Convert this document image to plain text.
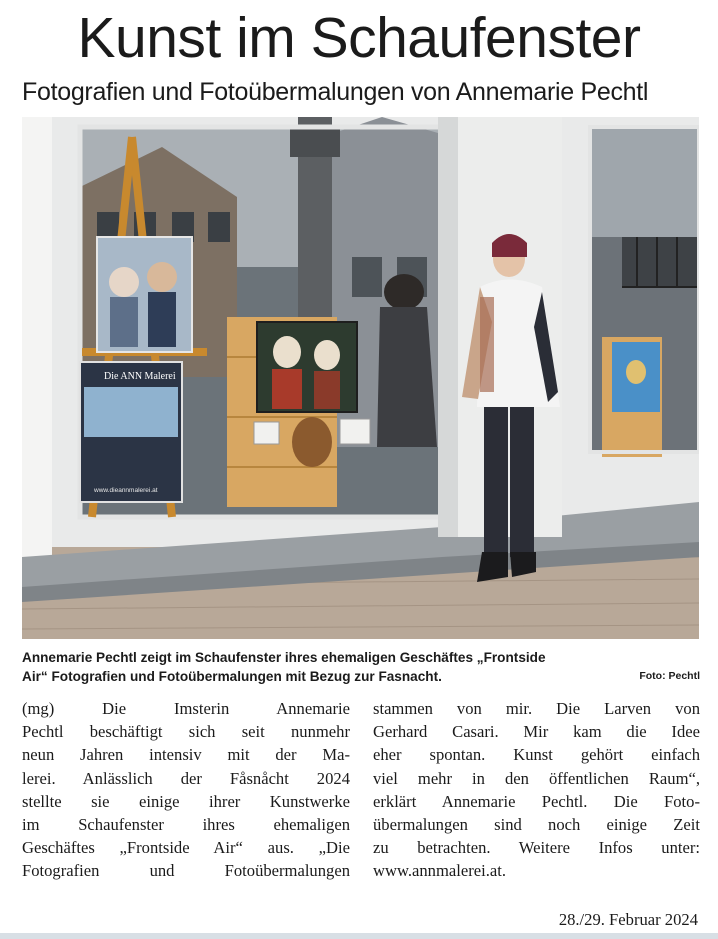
Kunst im Schaufenster
Fotografien und Fotoübermalungen von Annemarie Pechtl
Die ANN Malerei
www.dieannmalerei.at
Annemarie Pechtl zeigt im Schaufenster ihres ehemaligen Geschäftes „Frontside
Air“ Fotografien und Fotoübermalungen mit Bezug zur Fasnacht.	Foto: Pechtl
(mg) Die Imsterin Annemarie
Pechtl beschäftigt sich seit nunmehr
neun Jahren intensiv mit der Ma-
lerei. Anlässlich der Fåsnåcht 2024
stellte sie einige ihrer Kunstwerke
im Schaufenster ihres ehemaligen
Geschäftes „Frontside Air“ aus. „Die
Fotografien und Fotoübermalungen
stammen von mir. Die Larven von
Gerhard Casari. Mir kam die Idee
eher spontan. Kunst gehört einfach
viel mehr in den öffentlichen Raum“,
erklärt Annemarie Pechtl. Die Foto-
übermalungen sind noch einige Zeit
zu betrachten. Weitere Infos unter:
www.annmalerei.at.
28./29. Februar 2024
